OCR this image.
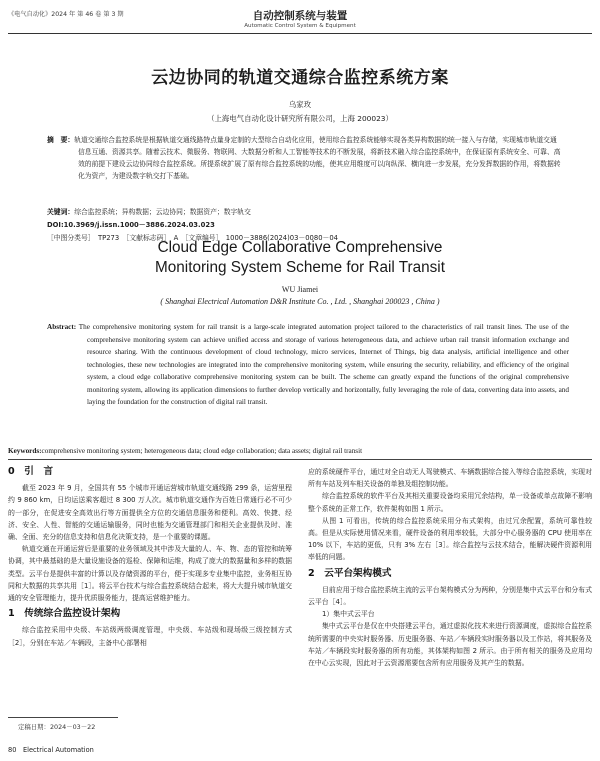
《电气自动化》2024 年 第 46 卷 第 3 期	自动控制系统与装置
Automatic Control System & Equipment
云边协同的轨道交通综合监控系统方案
乌家玫
（上海电气自动化设计研究所有限公司，上海 200023）
摘　要：轨道交通综合监控系统是根据轨道交通线路特点量身定制的大型综合自动化应用，使用综合监控系统能够实现各类异构数据的统一接入与存储，实现城市轨道交通信息互通、资源共享。随着云技术、微服务、物联网、大数据分析和人工智能等技术的不断发展，将新技术融入综合监控系统中，在保证原有系统安全、可靠、高效的前提下建设云边协同综合监控系统。所提系统扩展了原有综合监控系统的功能，使其应用维度可以向纵深、横向进一步发展，充分发挥数据的作用，将数据转化为资产，为建设数字轨交打下基础。
关键词：综合监控系统；异构数据；云边协同；数据资产；数字轨交
DOI:10.3969/j.issn.1000－3886.2024.03.023
［中图分类号］　TP273　［文献标志码］　A　［文章编号］　1000－3886(2024)03－0080－04
Cloud Edge Collaborative Comprehensive
Monitoring System Scheme for Rail Transit
WU Jiamei
( Shanghai Electrical Automation D&R Institute Co. , Ltd. , Shanghai 200023 , China )
Abstract: The comprehensive monitoring system for rail transit is a large-scale integrated automation project tailored to the characteristics of rail transit lines. The use of the comprehensive monitoring system can achieve unified access and storage of various heterogeneous data, and achieve urban rail transit information exchange and resource sharing. With the continuous development of cloud technology, micro services, Internet of Things, big data analysis, artificial intelligence and other technologies, these new technologies are integrated into the comprehensive monitoring system, while ensuring the security, reliability, and efficiency of the original system, a cloud edge collaborative comprehensive monitoring system can be built. The scheme can greatly expand the functions of the original comprehensive monitoring system, allowing its application dimensions to further develop vertically and horizontally, fully leveraging the role of data, converting data into assets, and laying the foundation for the construction of digital rail transit.
Keywords:comprehensive monitoring system; heterogeneous data; cloud edge collaboration; data assets; digital rail transit
0　引　言

截至 2023 年 9 月，全国共有 55 个城市开通运营城市轨道交通线路 299 条，运营里程约 9 860 km，日均运送乘客超过 8 300 万人次。城市轨道交通作为百姓日常通行必不可少的一部分，在促进安全高效出行等方面提供全方位的交通信息服务和便利。高效、快捷、经济、安全、人性、智能的交通运输服务，同时也能为交通管理部门和相关企业提供及时、准确、全面、充分的信息支持和信息化决策支持，是一个重要的课题。

轨道交通在开通运营后是重要的业务领域及其中涉及大量的人、车、物、态的管控和统筹协调，其中最基础的是大量设施设备的巡检、保障和运维，构成了庞大的数据量和多样的数据类型。云平台是提供丰富的计算以及存储资源的平台，便于实现多专业集中监控，业务相互协同和大数据的共享共用［1］。将云平台技术与综合监控系统结合起来，将大大提升城市轨道交通的安全管理能力，提升优质服务能力，提高运营维护能力。

1　传统综合监控设计架构

综合监控采用中央级、车站级两级调度管理，中央级、车站级和现场级三级控制方式［2］，分别在车站／车辆段，主备中心部署相

应的系统硬件平台，通过对全自动无人驾驶模式、车辆数据综合接入等综合监控系统，实现对所有车站及列车相关设备的单独及组控制功能。

综合监控系统的软件平台及其相关重要设备均采用冗余结构，单一设备或单点故障不影响整个系统的正常工作，软件架构如图 1 所示。

从图 1 可看出，传统的综合监控系统采用分布式架构，由过冗余配置，系统可靠性较高。但是从实际使用情况来看，硬件设备的利用率较低，大部分中心服务器的 CPU 使用率在 10% 以下，车站的更低，只有 3% 左右［3］。综合监控与云技术结合，能解决硬件资源利用率低的问题。

2　云平台架构模式

目前应用于综合监控系统主流的云平台架构模式分为两种，分别是集中式云平台和分布式云平台［4］。

1）集中式云平台

集中式云平台是仅在中央搭建云平台，通过虚拟化技术来进行资源调度，虚拟综合监控系统所需要的中央实时服务器、历史服务器、车站／车辆段实时服务器以及工作站，将其服务及车站／车辆段实时服务器的所有功能，其体架构如图 2 所示。由于所有相关的服务及应用均在中心云实现，因此对于云资源需要包含所有应用服务及其产生的数据。

定稿日期：2024－03－22
80　Electrical Automation
